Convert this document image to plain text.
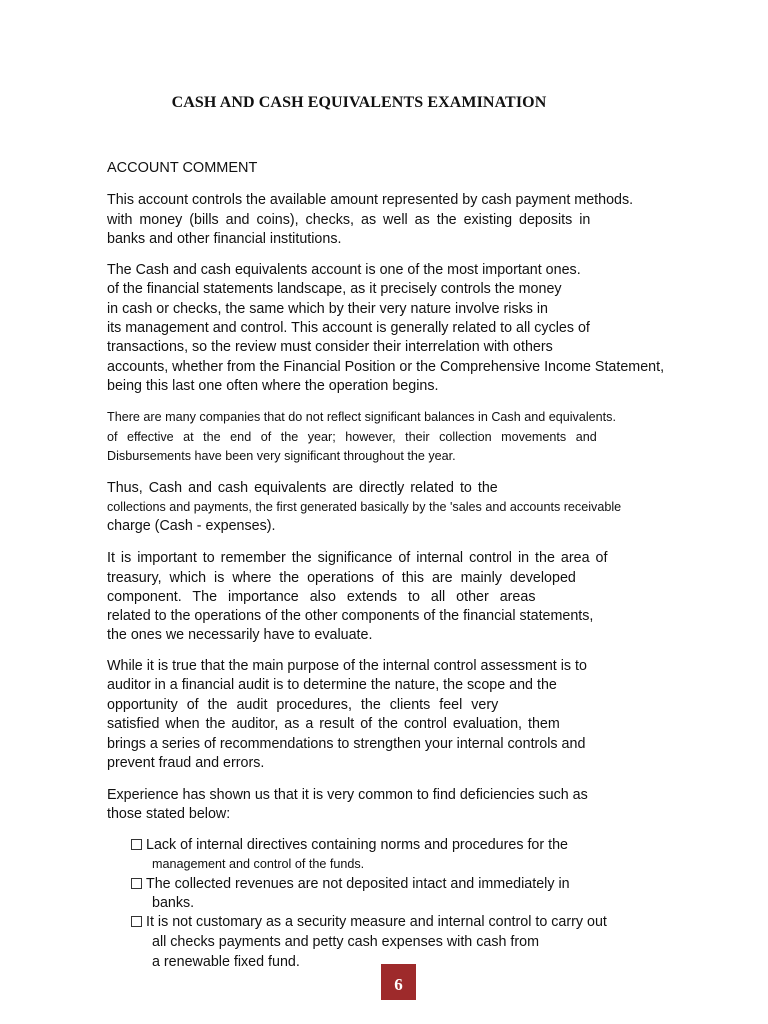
CASH AND CASH EQUIVALENTS EXAMINATION
ACCOUNT COMMENT
This account controls the available amount represented by cash payment methods.
with money (bills and coins), checks, as well as the existing deposits in
banks and other financial institutions.
The Cash and cash equivalents account is one of the most important ones.
of the financial statements landscape, as it precisely controls the money
in cash or checks, the same which by their very nature involve risks in
its management and control. This account is generally related to all cycles of
transactions, so the review must consider their interrelation with others
accounts, whether from the Financial Position or the Comprehensive Income Statement,
being this last one often where the operation begins.
There are many companies that do not reflect significant balances in Cash and equivalents.
of effective at the end of the year; however, their collection movements and
Disbursements have been very significant throughout the year.
Thus, Cash and cash equivalents are directly related to the
collections and payments, the first generated basically by the 'sales and accounts receivable
charge (Cash - expenses).
It is important to remember the significance of internal control in the area of
treasury, which is where the operations of this are mainly developed
component. The importance also extends to all other areas
related to the operations of the other components of the financial statements,
the ones we necessarily have to evaluate.
While it is true that the main purpose of the internal control assessment is to
auditor in a financial audit is to determine the nature, the scope and the
opportunity of the audit procedures, the clients feel very
satisfied when the auditor, as a result of the control evaluation, them
brings a series of recommendations to strengthen your internal controls and
prevent fraud and errors.
Experience has shown us that it is very common to find deficiencies such as
those stated below:
Lack of internal directives containing norms and procedures for the
management and control of the funds.
The collected revenues are not deposited intact and immediately in
banks.
It is not customary as a security measure and internal control to carry out
all checks payments and petty cash expenses with cash from
a renewable fixed fund.
6
